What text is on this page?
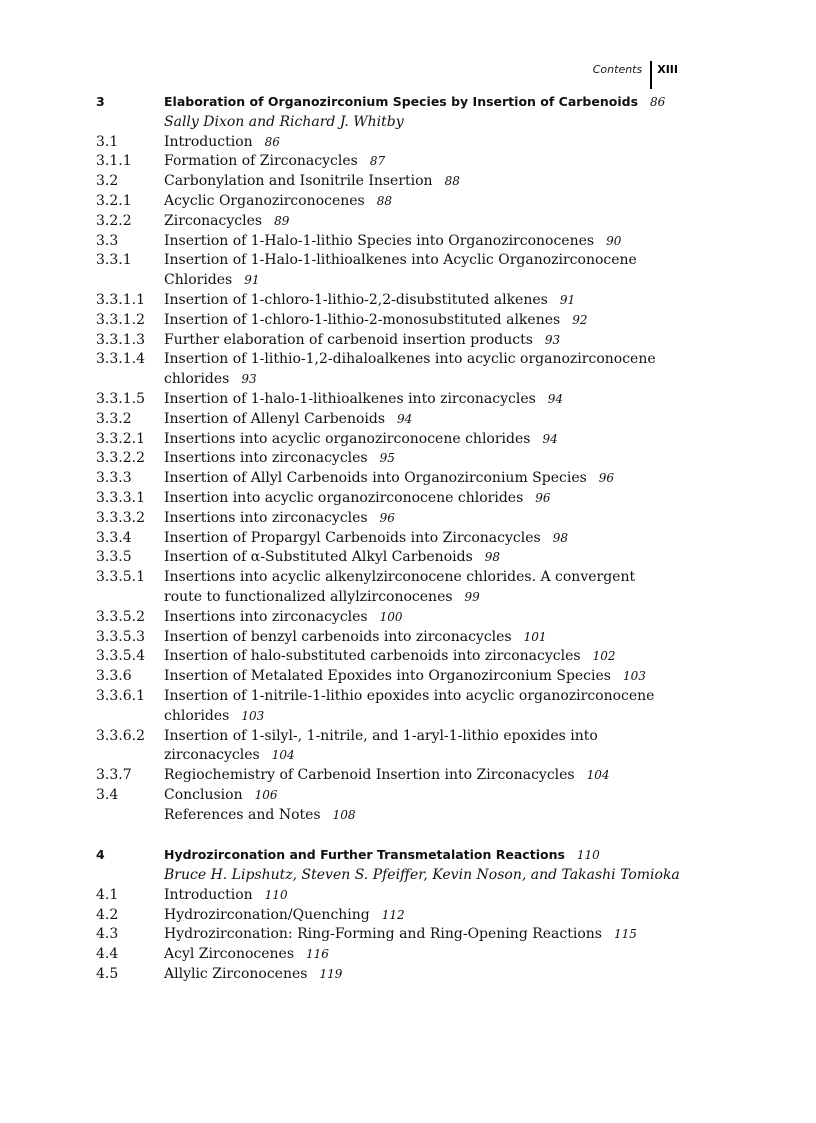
Contents XIII
3	Elaboration of Organozirconium Species by Insertion of Carbenoids 86
Sally Dixon and Richard J. Whitby
3.1	Introduction 86
3.1.1	Formation of Zirconacycles 87
3.2	Carbonylation and Isonitrile Insertion 88
3.2.1	Acyclic Organozirconocenes 88
3.2.2	Zirconacycles 89
3.3	Insertion of 1-Halo-1-lithio Species into Organozirconocenes 90
3.3.1	Insertion of 1-Halo-1-lithioalkenes into Acyclic Organozirconocene
Chlorides 91
3.3.1.1	Insertion of 1-chloro-1-lithio-2,2-disubstituted alkenes 91
3.3.1.2	Insertion of 1-chloro-1-lithio-2-monosubstituted alkenes 92
3.3.1.3	Further elaboration of carbenoid insertion products 93
3.3.1.4	Insertion of 1-lithio-1,2-dihaloalkenes into acyclic organozirconocene
chlorides 93
3.3.1.5	Insertion of 1-halo-1-lithioalkenes into zirconacycles 94
3.3.2	Insertion of Allenyl Carbenoids 94
3.3.2.1	Insertions into acyclic organozirconocene chlorides 94
3.3.2.2	Insertions into zirconacycles 95
3.3.3	Insertion of Allyl Carbenoids into Organozirconium Species 96
3.3.3.1	Insertion into acyclic organozirconocene chlorides 96
3.3.3.2	Insertions into zirconacycles 96
3.3.4	Insertion of Propargyl Carbenoids into Zirconacycles 98
3.3.5	Insertion of α-Substituted Alkyl Carbenoids 98
3.3.5.1	Insertions into acyclic alkenylzirconocene chlorides. A convergent
route to functionalized allylzirconocenes 99
3.3.5.2	Insertions into zirconacycles 100
3.3.5.3	Insertion of benzyl carbenoids into zirconacycles 101
3.3.5.4	Insertion of halo-substituted carbenoids into zirconacycles 102
3.3.6	Insertion of Metalated Epoxides into Organozirconium Species 103
3.3.6.1	Insertion of 1-nitrile-1-lithio epoxides into acyclic organozirconocene
chlorides 103
3.3.6.2	Insertion of 1-silyl-, 1-nitrile, and 1-aryl-1-lithio epoxides into
zirconacycles 104
3.3.7	Regiochemistry of Carbenoid Insertion into Zirconacycles 104
3.4	Conclusion 106
References and Notes 108
4	Hydrozirconation and Further Transmetalation Reactions 110
Bruce H. Lipshutz, Steven S. Pfeiffer, Kevin Noson, and Takashi Tomioka
4.1	Introduction 110
4.2	Hydrozirconation/Quenching 112
4.3	Hydrozirconation: Ring-Forming and Ring-Opening Reactions 115
4.4	Acyl Zirconocenes 116
4.5	Allylic Zirconocenes 119
